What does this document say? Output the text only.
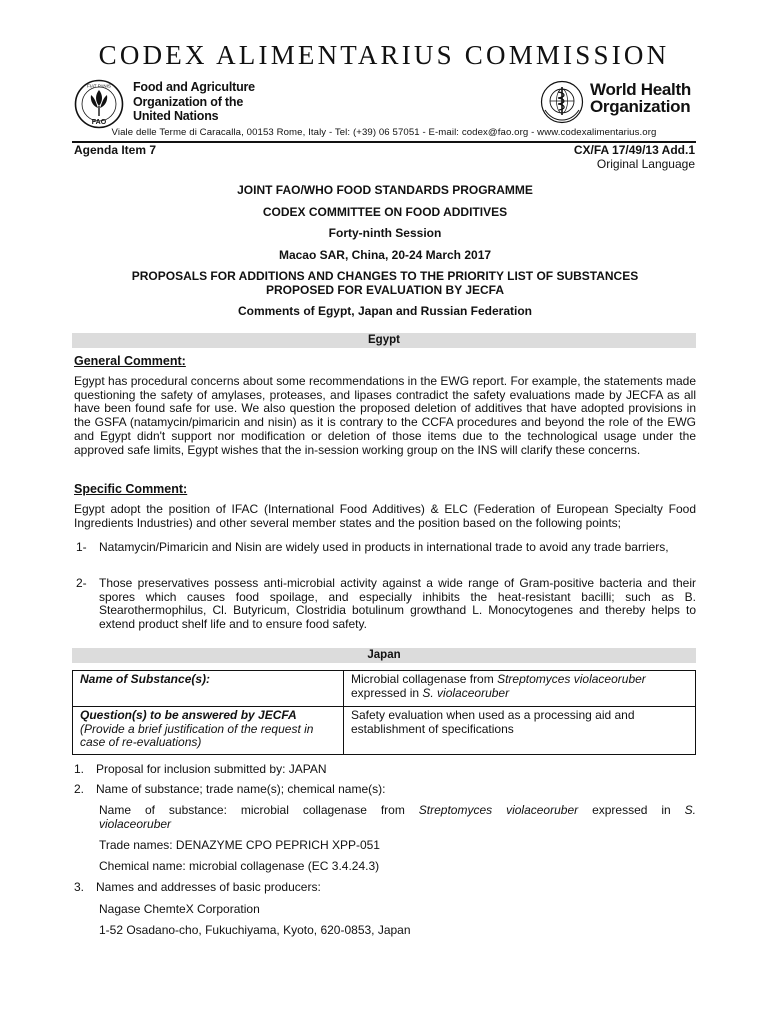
CODEX ALIMENTARIUS COMMISSION
FAO
FIAT PANIS Food and Agriculture
Organization of the
United Nations
World Health
Organization
Viale delle Terme di Caracalla, 00153 Rome, Italy - Tel: (+39) 06 57051 - E-mail: codex@fao.org - www.codexalimentarius.org
Agenda Item 7	CX/FA 17/49/13 Add.1
Original Language
JOINT FAO/WHO FOOD STANDARDS PROGRAMME
CODEX COMMITTEE ON FOOD ADDITIVES
Forty-ninth Session
Macao SAR, China, 20-24 March 2017
PROPOSALS FOR ADDITIONS AND CHANGES TO THE PRIORITY LIST OF SUBSTANCES
PROPOSED FOR EVALUATION BY JECFA
Comments of Egypt, Japan and Russian Federation
Egypt
General Comment:
Egypt has procedural concerns about some recommendations in the EWG report. For example, the statements made questioning the safety of amylases, proteases, and lipases contradict the safety evaluations made by JECFA as all have been found safe for use. We also question the proposed deletion of additives that have adopted provisions in the GSFA (natamycin/pimaricin and nisin) as it is contrary to the CCFA procedures and beyond the role of the EWG and Egypt didn't support nor modification or deletion of those items due to the technological usage under the approved safe limits, Egypt wishes that the in-session working group on the INS will clarify these concerns.
Specific Comment:
Egypt adopt the position of IFAC (International Food Additives) & ELC (Federation of European Specialty Food Ingredients Industries) and other several member states and the position based on the following points;
1- Natamycin/Pimaricin and Nisin are widely used in products in international trade to avoid any trade barriers,
2- Those preservatives possess anti-microbial activity against a wide range of Gram-positive bacteria and their spores which causes food spoilage, and especially inhibits the heat-resistant bacilli; such as B. Stearothermophilus, Cl. Butyricum, Clostridia botulinum growthand L. Monocytogenes and thereby helps to extend product shelf life and to ensure food safety.
Japan
Name of Substance(s):	Microbial collagenase from Streptomyces violaceoruber
expressed in S. violaceoruber

Question(s) to be answered by JECFA
(Provide a brief justification of the request in case of re-evaluations)	Safety evaluation when used as a processing aid and establishment of specifications
1. Proposal for inclusion submitted by: JAPAN
2. Name of substance; trade name(s); chemical name(s):
Name of substance: microbial collagenase from Streptomyces violaceoruber expressed in S.
violaceoruber
Trade names: DENAZYME CPO PEPRICH XPP-051
Chemical name: microbial collagenase (EC 3.4.24.3)
3. Names and addresses of basic producers:
Nagase ChemteX Corporation
1-52 Osadano-cho, Fukuchiyama, Kyoto, 620-0853, Japan
